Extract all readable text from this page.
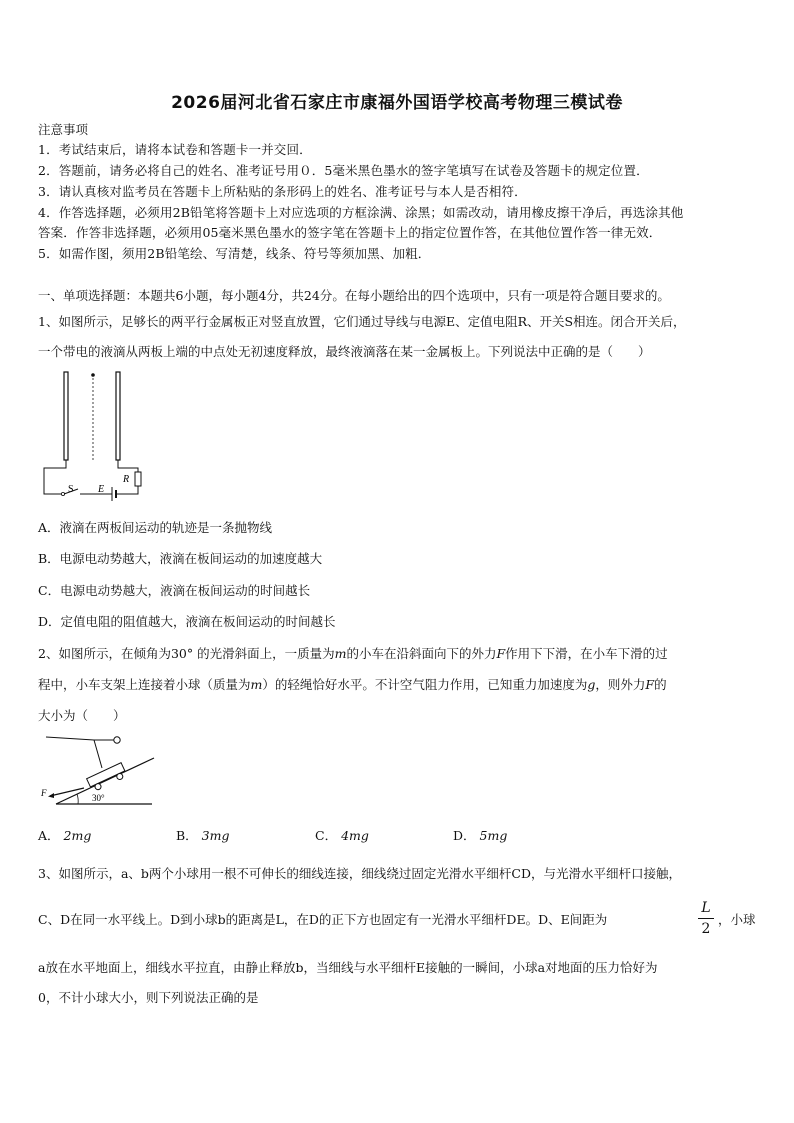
2026届河北省石家庄市康福外国语学校高考物理三模试卷
注意事项
1．考试结束后，请将本试卷和答题卡一并交回．
2．答题前，请务必将自己的姓名、准考证号用０．5毫米黑色墨水的签字笔填写在试卷及答题卡的规定位置．
3．请认真核对监考员在答题卡上所粘贴的条形码上的姓名、准考证号与本人是否相符．
4．作答选择题，必须用2B铅笔将答题卡上对应选项的方框涂满、涂黑；如需改动，请用橡皮擦干净后，再选涂其他
答案．作答非选择题，必须用05毫米黑色墨水的签字笔在答题卡上的指定位置作答，在其他位置作答一律无效．
5．如需作图，须用2B铅笔绘、写清楚，线条、符号等须加黑、加粗．
一、单项选择题：本题共6小题，每小题4分，共24分。在每小题给出的四个选项中，只有一项是符合题目要求的。
1、如图所示，足够长的两平行金属板正对竖直放置，它们通过导线与电源E、定值电阻R、开关S相连。闭合开关后，
一个带电的液滴从两板上端的中点处无初速度释放，最终液滴落在某一金属板上。下列说法中正确的是（　　）
S E
R
A．液滴在两板间运动的轨迹是一条抛物线
B．电源电动势越大，液滴在板间运动的加速度越大
C．电源电动势越大，液滴在板间运动的时间越长
D．定值电阻的阻值越大，液滴在板间运动的时间越长
2、如图所示，在倾角为30° 的光滑斜面上，一质量为m的小车在沿斜面向下的外力F作用下下滑，在小车下滑的过
程中，小车支架上连接着小球（质量为m）的轻绳恰好水平。不计空气阻力作用，已知重力加速度为g，则外力F的
大小为（　　）
F	30°
A． 2mg	B． 3mg	C． 4mg	D． 5mg
3、如图所示，a、b两个小球用一根不可伸长的细线连接，细线绕过固定光滑水平细杆CD，与光滑水平细杆口接触，
C、D在同一水平线上。D到小球b的距离是L，在D的正下方也固定有一光滑水平细杆DE。D、E间距为
L
2
，小球
a放在水平地面上，细线水平拉直，由静止释放b，当细线与水平细杆E接触的一瞬间，小球a对地面的压力恰好为
0，不计小球大小，则下列说法正确的是
